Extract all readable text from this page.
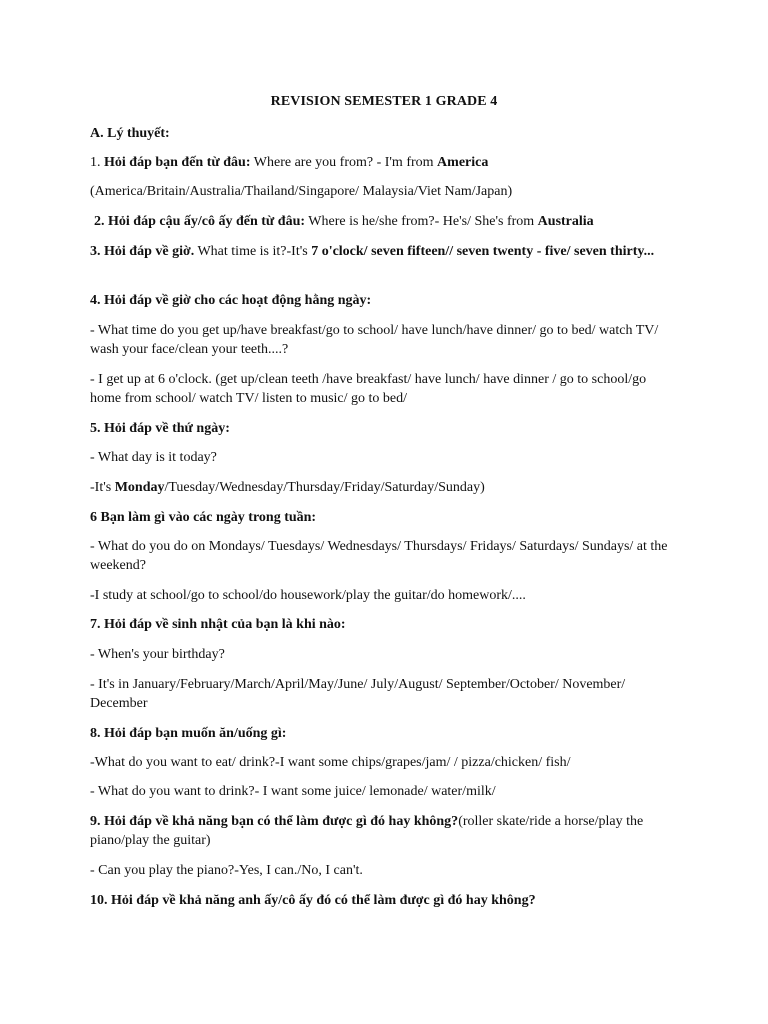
REVISION SEMESTER 1 GRADE 4
A. Lý thuyết:
1. Hỏi đáp bạn đến từ đâu: Where are you from? - I'm from America
(America/Britain/Australia/Thailand/Singapore/ Malaysia/Viet Nam/Japan)
2. Hỏi đáp cậu ấy/cô ấy đến từ đâu: Where is he/she from?- He's/ She's from Australia
3. Hỏi đáp về giờ. What time is it?-It's 7 o'clock/ seven fifteen// seven twenty - five/ seven thirty...
4. Hỏi đáp về giờ cho các hoạt động hằng ngày:
- What time do you get up/have breakfast/go to school/ have lunch/have dinner/ go to bed/ watch TV/ wash your face/clean your teeth....?
- I get up at 6 o'clock. (get up/clean teeth /have breakfast/ have lunch/ have dinner / go to school/go home from school/ watch TV/ listen to music/ go to bed/
5. Hỏi đáp về thứ ngày:
- What day is it today?
-It's Monday/Tuesday/Wednesday/Thursday/Friday/Saturday/Sunday)
6 Bạn làm gì vào các ngày trong tuần:
- What do you do on Mondays/ Tuesdays/ Wednesdays/ Thursdays/ Fridays/ Saturdays/ Sundays/ at the weekend?
-I study at school/go to school/do housework/play the guitar/do homework/....
7. Hỏi đáp về sinh nhật của bạn là khi nào:
- When's your birthday?
- It's in January/February/March/April/May/June/ July/August/ September/October/ November/ December
8. Hỏi đáp bạn muốn ăn/uống gì:
-What do you want to eat/ drink?-I want some chips/grapes/jam/ / pizza/chicken/ fish/
- What do you want to drink?- I want some juice/ lemonade/ water/milk/
9. Hỏi đáp về khả năng bạn có thể làm được gì đó hay không?(roller skate/ride a horse/play the piano/play the guitar)
- Can you play the piano?-Yes, I can./No, I can't.
10. Hỏi đáp về khả năng anh ấy/cô ấy đó có thể làm được gì đó hay không?
